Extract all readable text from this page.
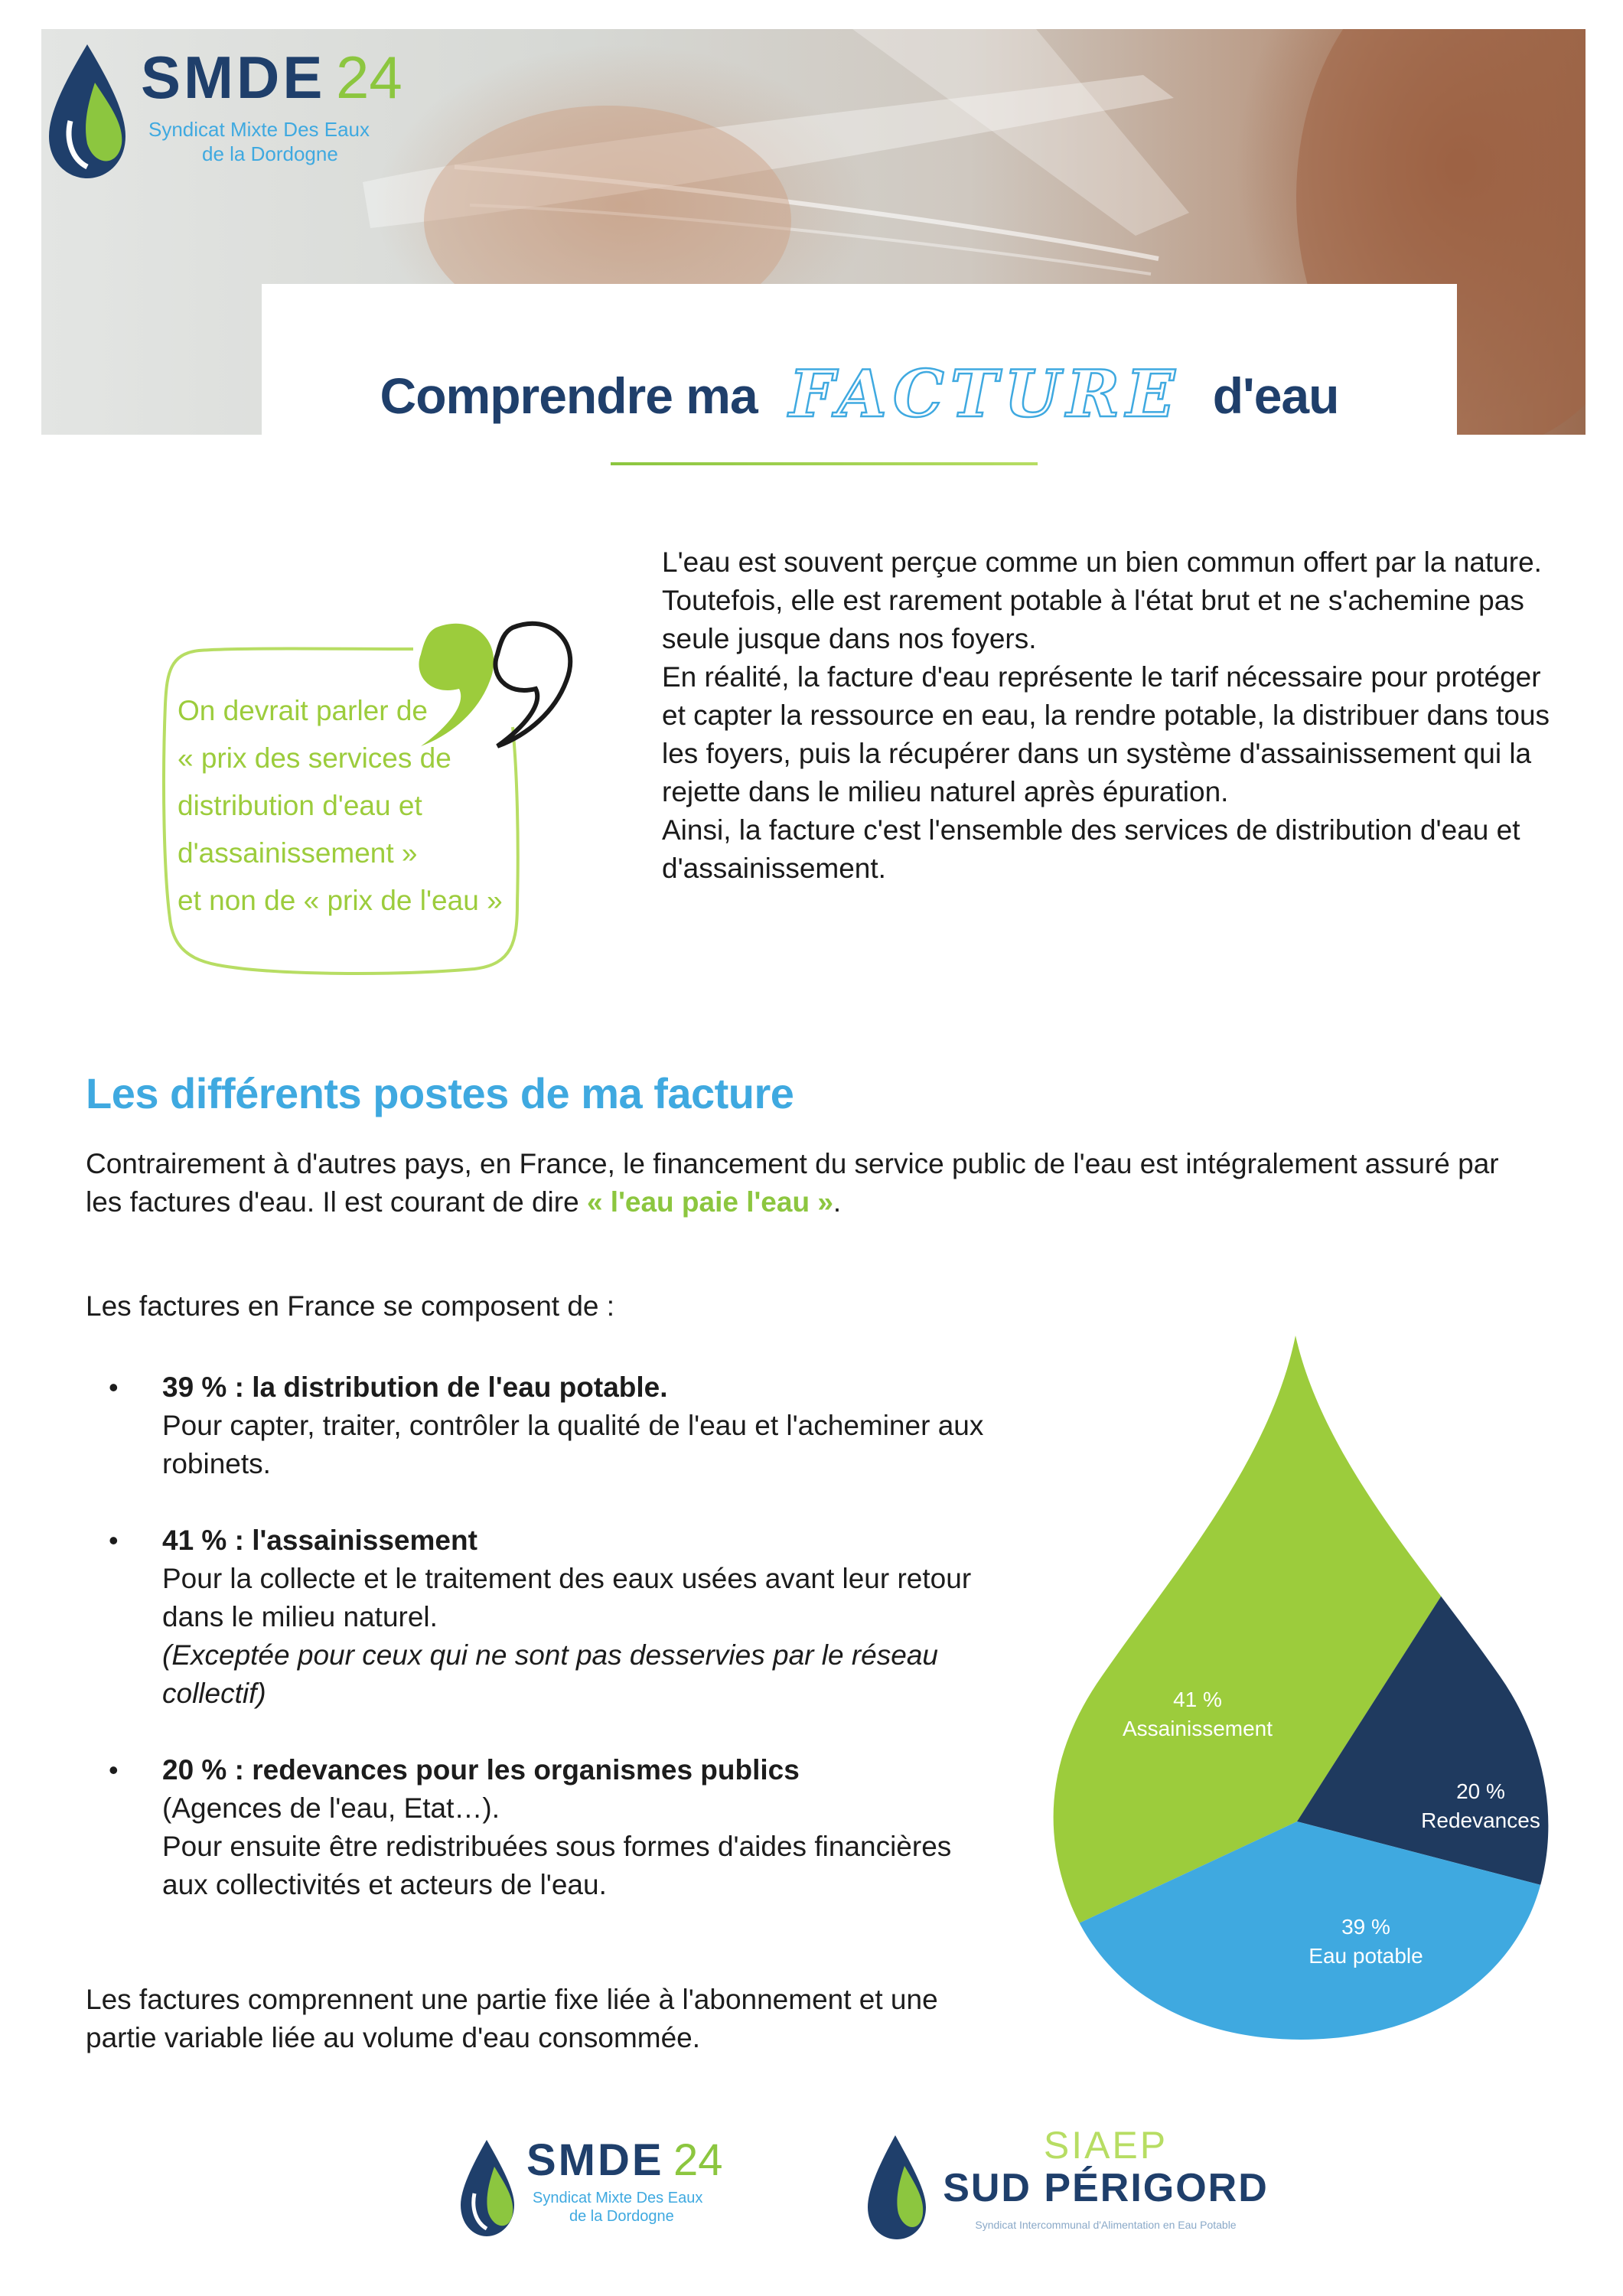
SMDE 24
Syndicat Mixte Des Eaux
de la Dordogne
Comprendre ma FACTURE d'eau
On devrait parler de
« prix des services de
distribution d'eau et
d'assainissement »
et non de « prix de l'eau »

L'eau est souvent perçue comme un bien commun offert par la nature.

Toutefois, elle est rarement potable à l'état brut et ne s'achemine pas seule jusque dans nos foyers.

En réalité, la facture d'eau représente le tarif nécessaire pour protéger et capter la ressource en eau, la rendre potable, la distribuer dans tous les foyers, puis la récupérer dans un système d'assainissement qui la rejette dans le milieu naturel après épuration.

Ainsi, la facture c'est l'ensemble des services de distribution d'eau et d'assainissement.

Les différents postes de ma facture
Contrairement à d'autres pays, en France, le financement du service public de l'eau est intégralement assuré par les factures d'eau. Il est courant de dire « l'eau paie l'eau ».
Les factures en France se composent de :
• 39 % : la distribution de l'eau potable.
Pour capter, traiter, contrôler la qualité de l'eau et l'acheminer aux robinets.
• 41 % : l'assainissement
Pour la collecte et le traitement des eaux usées avant leur retour dans le milieu naturel.
(Exceptée pour ceux qui ne sont pas desservies par le réseau collectif)
• 20 % : redevances pour les organismes publics
(Agences de l'eau, Etat…).
Pour ensuite être redistribuées sous formes d'aides financières aux collectivités et acteurs de l'eau.
Les factures comprennent une partie fixe liée à l'abonnement et une partie variable liée au volume d'eau consommée.
41 %
Assainissement
20 %
Redevances
39 %
Eau potable
SMDE 24
Syndicat Mixte Des Eaux
de la Dordogne
SIAEP
SUD PÉRIGORD
Syndicat Intercommunal d'Alimentation en Eau Potable
